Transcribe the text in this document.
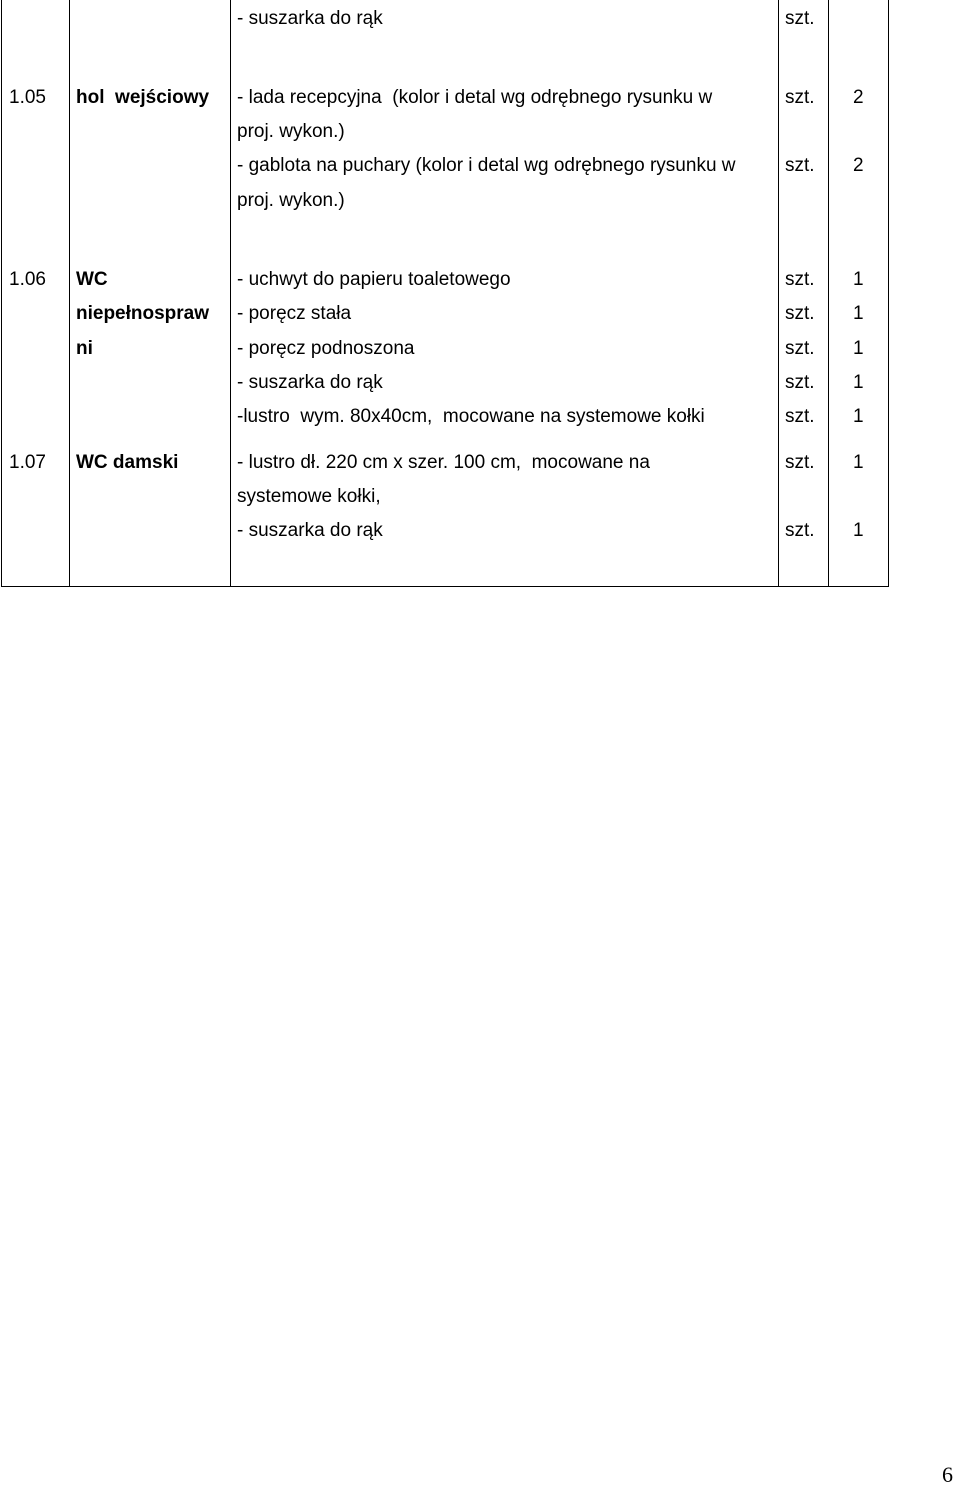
- suszarka do rąk	szt.
1.05 hol  wejściowy - lada recepcyjna  (kolor i detal wg odrębnego rysunku w
proj. wykon.)
- gablota na puchary (kolor i detal wg odrębnego rysunku w
proj. wykon.)
szt.
szt.
2
2
1.06 WC
niepełnospraw
ni
- uchwyt do papieru toaletowego
- poręcz stała
- poręcz podnoszona
- suszarka do rąk
-lustro  wym. 80x40cm,  mocowane na systemowe kołki
szt.
szt.
szt.
szt.
szt.
1
1
1
1
1
1.07 WC damski	- lustro dł. 220 cm x szer. 100 cm,  mocowane na
systemowe kołki,
- suszarka do rąk
szt.
szt.
1
1
6
